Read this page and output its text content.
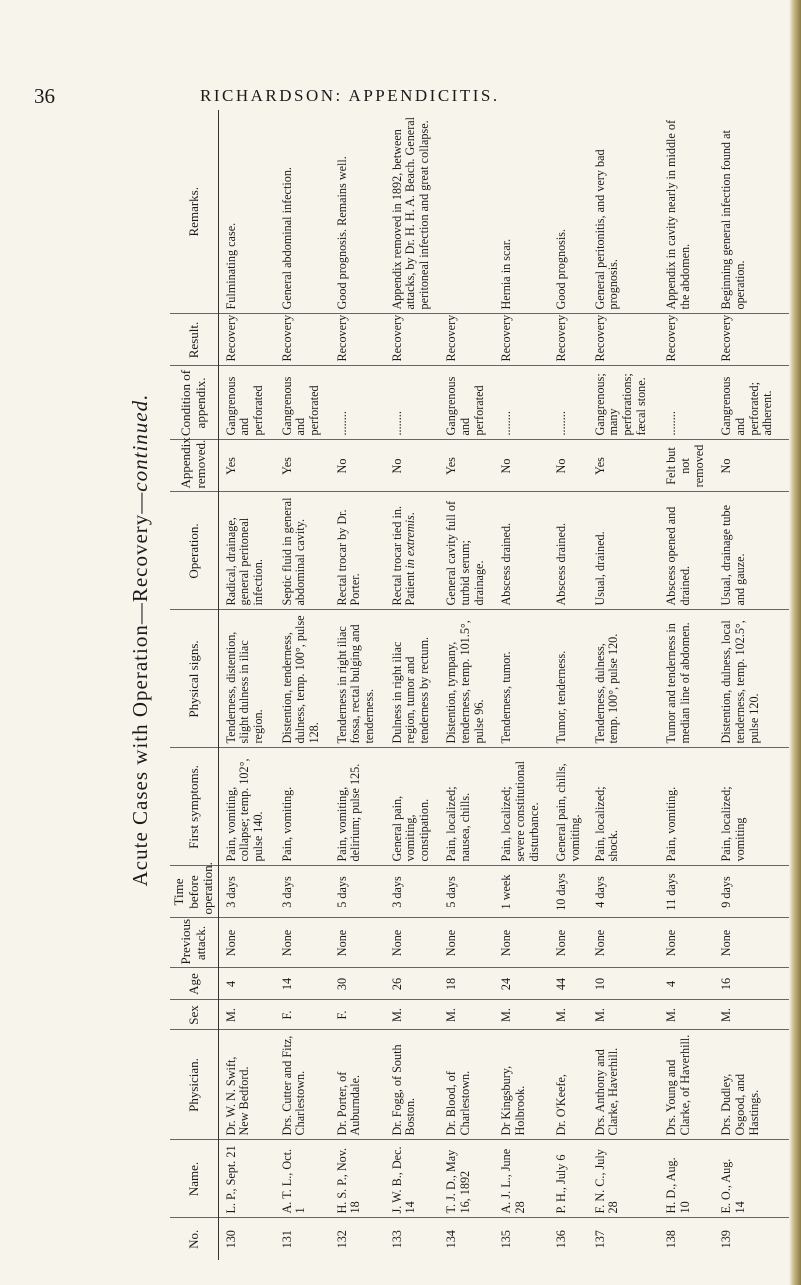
36	RICHARDSON: APPENDICITIS.
Acute Cases with Operation—Recovery—continued.
No.	Name.	Physician.	Sex	Age	Previous attack.	Time before operation.	First symptoms.	Physical signs.	Operation.	Appendix removed.	Condition of appendix.	Result.	Remarks.
130	L. P., Sept. 21	Dr. W. N. Swift, New Bedford.	M.	4	None	3 days	Pain, vomiting, collapse; temp. 102°, pulse 140.	Tenderness, distention, slight dulness in iliac region.	Radical, drainage, general peritoneal infection.	Yes	Gangrenous and perforated	Recovery	Fulminating case.
131	A. T. L., Oct. 1	Drs. Cutter and Fitz, Charlestown.	F.	14	None	3 days	Pain, vomiting.	Distention, tenderness, dulness, temp. 100°, pulse 128.	Septic fluid in general abdominal cavity.	Yes	Gangrenous and perforated	Recovery	General abdominal infection.
132	H. S. P., Nov. 18	Dr. Porter, of Auburndale.	F.	30	None	5 days	Pain, vomiting, delirium; pulse 125.	Tenderness in right iliac fossa, rectal bulging and tenderness.	Rectal trocar by Dr. Porter.	No	........	Recovery	Good prognosis. Remains well.
133	J. W. B., Dec. 14	Dr. Fogg, of South Boston.	M.	26	None	3 days	General pain, vomiting, constipation.	Dulness in right iliac region, tumor and tenderness by rectum.	Rectal trocar tied in. Patient in extremis.	No	........	Recovery	Appendix removed in 1892, between attacks, by Dr. H. H. A. Beach. General peritoneal infection and great collapse.
134	T. J. D., May 16, 1892	Dr. Blood, of Charlestown.	M.	18	None	5 days	Pain, localized; nausea, chills.	Distention, tympany, tenderness, temp. 101.5°, pulse 96.	General cavity full of turbid serum; drainage.	Yes	Gangrenous and perforated	Recovery	
135	A. J. L., June 28	Dr Kingsbury, Holbrook.	M.	24	None	1 week	Pain, localized; severe constitutional disturbance.	Tenderness, tumor.	Abscess drained.	No	........	Recovery	Hernia in scar.
136	P. H., July 6	Dr. O'Keefe,	M.	44	None	10 days	General pain, chills, vomiting.	Tumor, tenderness.	Abscess drained.	No	........	Recovery	Good prognosis.
137	F. N. C., July 28	Drs. Anthony and Clarke, Haverhill.	M.	10	None	4 days	Pain, localized; shock.	Tenderness, dulness, temp. 100°, pulse 120.	Usual, drained.	Yes	Gangrenous; many perforations; fæcal stone.	Recovery	General peritonitis, and very bad prognosis.
138	H. D., Aug. 10	Drs. Young and Clarke, of Haverhill.	M.	4	None	11 days	Pain, vomiting.	Tumor and tenderness in median line of abdomen.	Abscess opened and drained.	Felt but not removed	........	Recovery	Appendix in cavity nearly in middle of the abdomen.
139	E. O., Aug. 14	Drs. Dudley, Osgood, and Hastings.	M.	16	None	9 days	Pain, localized; vomiting	Distention, dulness, local tenderness, temp. 102.5°, pulse 120.	Usual, drainage tube and gauze.	No	Gangrenous and perforated; adherent.	Recovery	Beginning general infection found at operation.
